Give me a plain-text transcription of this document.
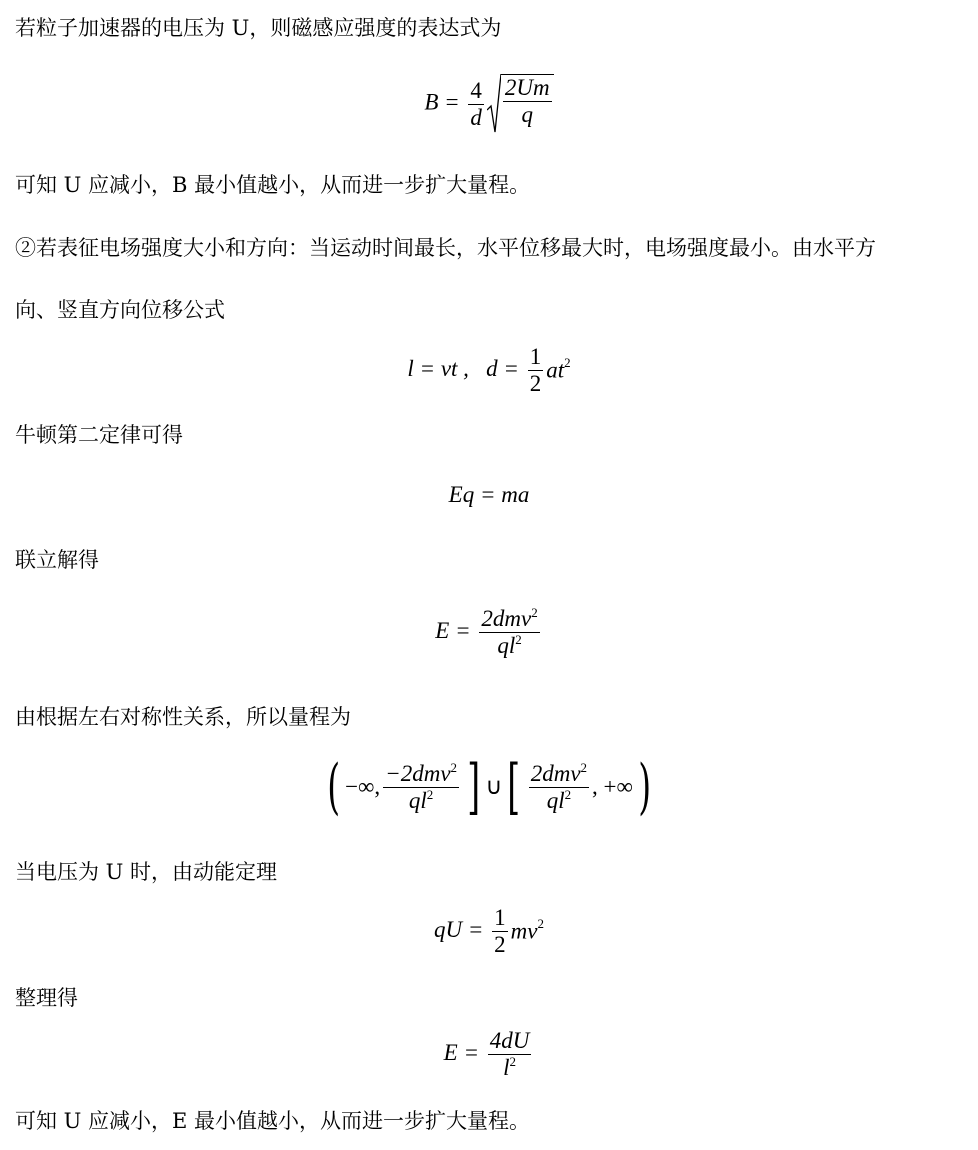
若粒子加速器的电压为 U，则磁感应强度的表达式为
$B = \frac{4}{d} \frac{2Um}{q}$
可知 U 应减小，B 最小值越小，从而进一步扩大量程。
②若表征电场强度大小和方向：当运动时间最长，水平位移最大时，电场强度最小。由水平方
向、竖直方向位移公式
l = vt , $d = \frac{1}{2} at^2$
牛顿第二定律可得
Eq = ma
联立解得
$E = \frac{2dmv^2}{ql^2}$
由根据左右对称性关系，所以量程为
( −∞, $\frac{-2dmv^2}{ql^2}$ ] ∪[ $\frac{2dmv^2}{ql^2}$ , +∞)
当电压为 U 时，由动能定理
qU = $\frac{1}{2} mv^2$
整理得
$E = \frac{4dU}{l^2}$
可知 U 应减小，E 最小值越小，从而进一步扩大量程。
